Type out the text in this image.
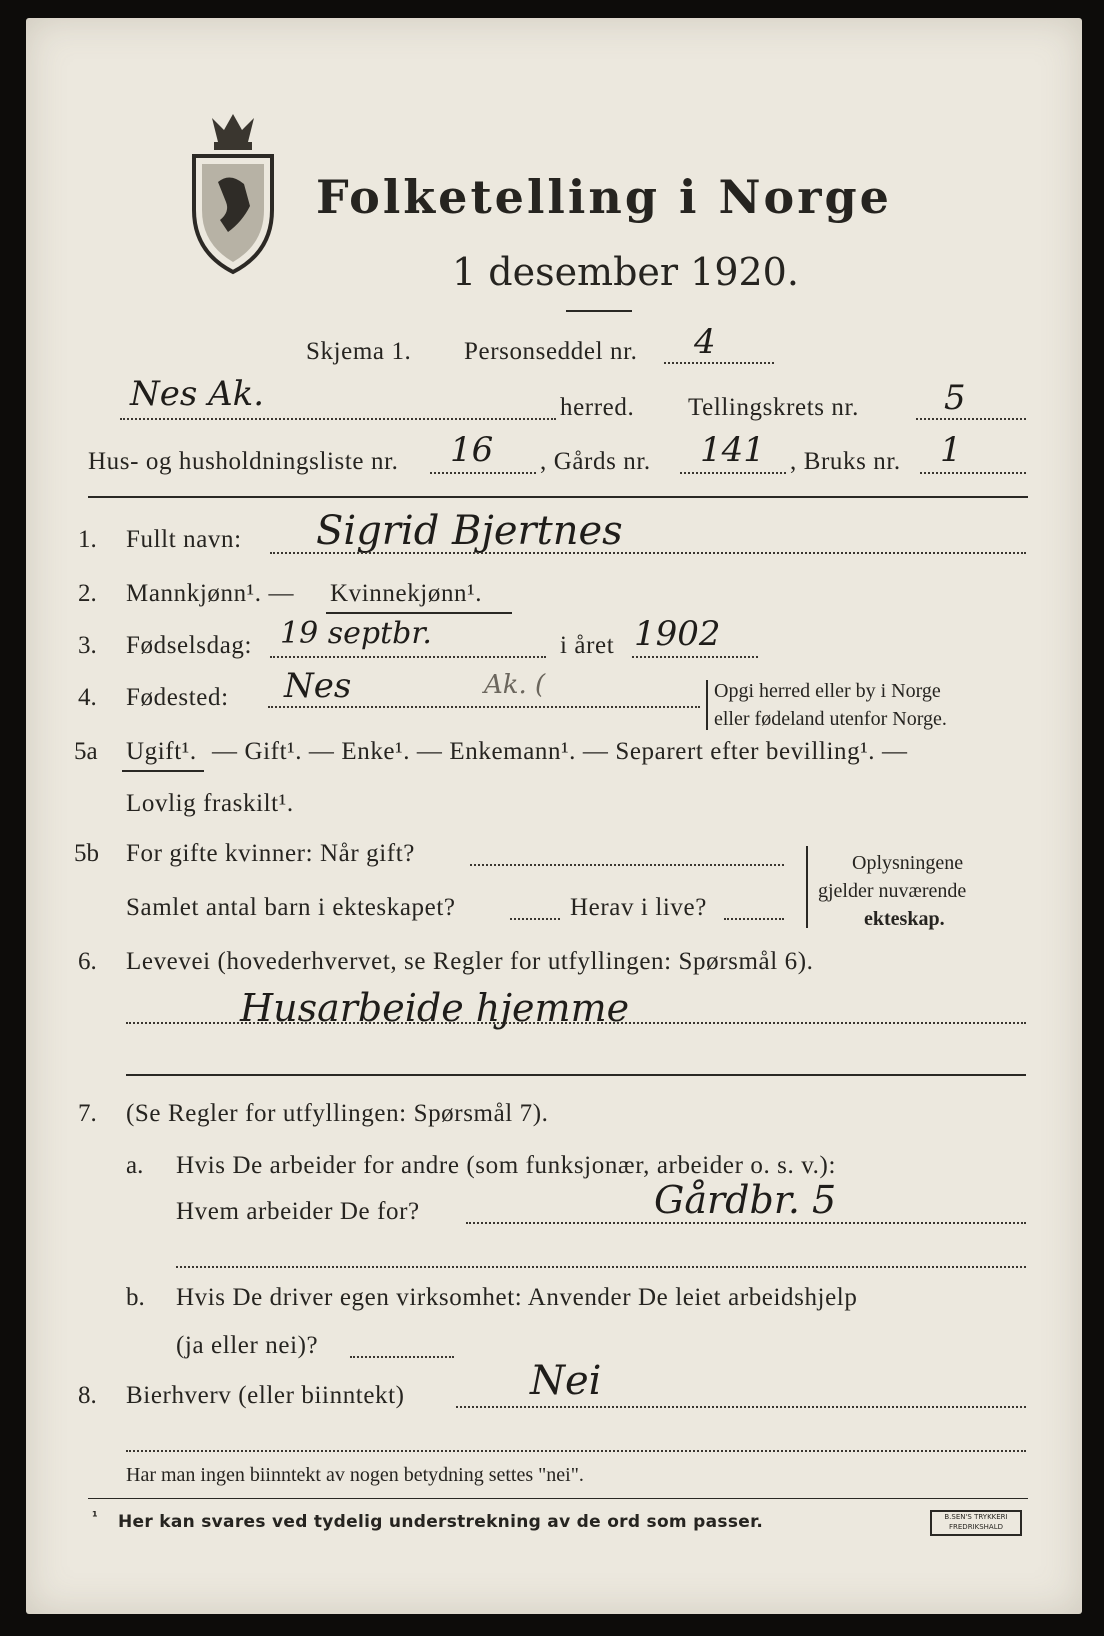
Folketelling i Norge
1 desember 1920.
Skjema 1. Personseddel nr. 4
Nes Ak.	herred. Tellingskrets nr.	5
Hus- og husholdningsliste nr. 16 , Gårds nr. 141 , Bruks nr. 1
1. Fullt navn: Sigrid Bjertnes
2. Mannkjønn¹. — Kvinnekjønn¹.
3. Fødselsdag: 19 septbr.	i året 1902
4. Fødested: Nes	Ak. (	Opgi herred eller by i Norge
eller fødeland utenfor Norge.
5a Ugift¹. — Gift¹. — Enke¹. — Enkemann¹. — Separert efter bevilling¹. —
Lovlig fraskilt¹.
5b For gifte kvinner: Når gift?
Samlet antal barn i ekteskapet?	Herav i live?
Oplysningene
gjelder nuværende
ekteskap.
6. Levevei (hovederhvervet, se Regler for utfyllingen: Spørsmål 6).
Husarbeide hjemme
7. (Se Regler for utfyllingen: Spørsmål 7).
a. Hvis De arbeider for andre (som funksjonær, arbeider o. s. v.):
Hvem arbeider De for?	Gårdbr. 5
b. Hvis De driver egen virksomhet: Anvender De leiet arbeidshjelp
(ja eller nei)?
8. Bierhverv (eller biinntekt)	Nei
Har man ingen biinntekt av nogen betydning settes "nei".
¹ Her kan svares ved tydelig understrekning av de ord som passer.	B.SEN'S TRYKKERI FREDRIKSHALD
